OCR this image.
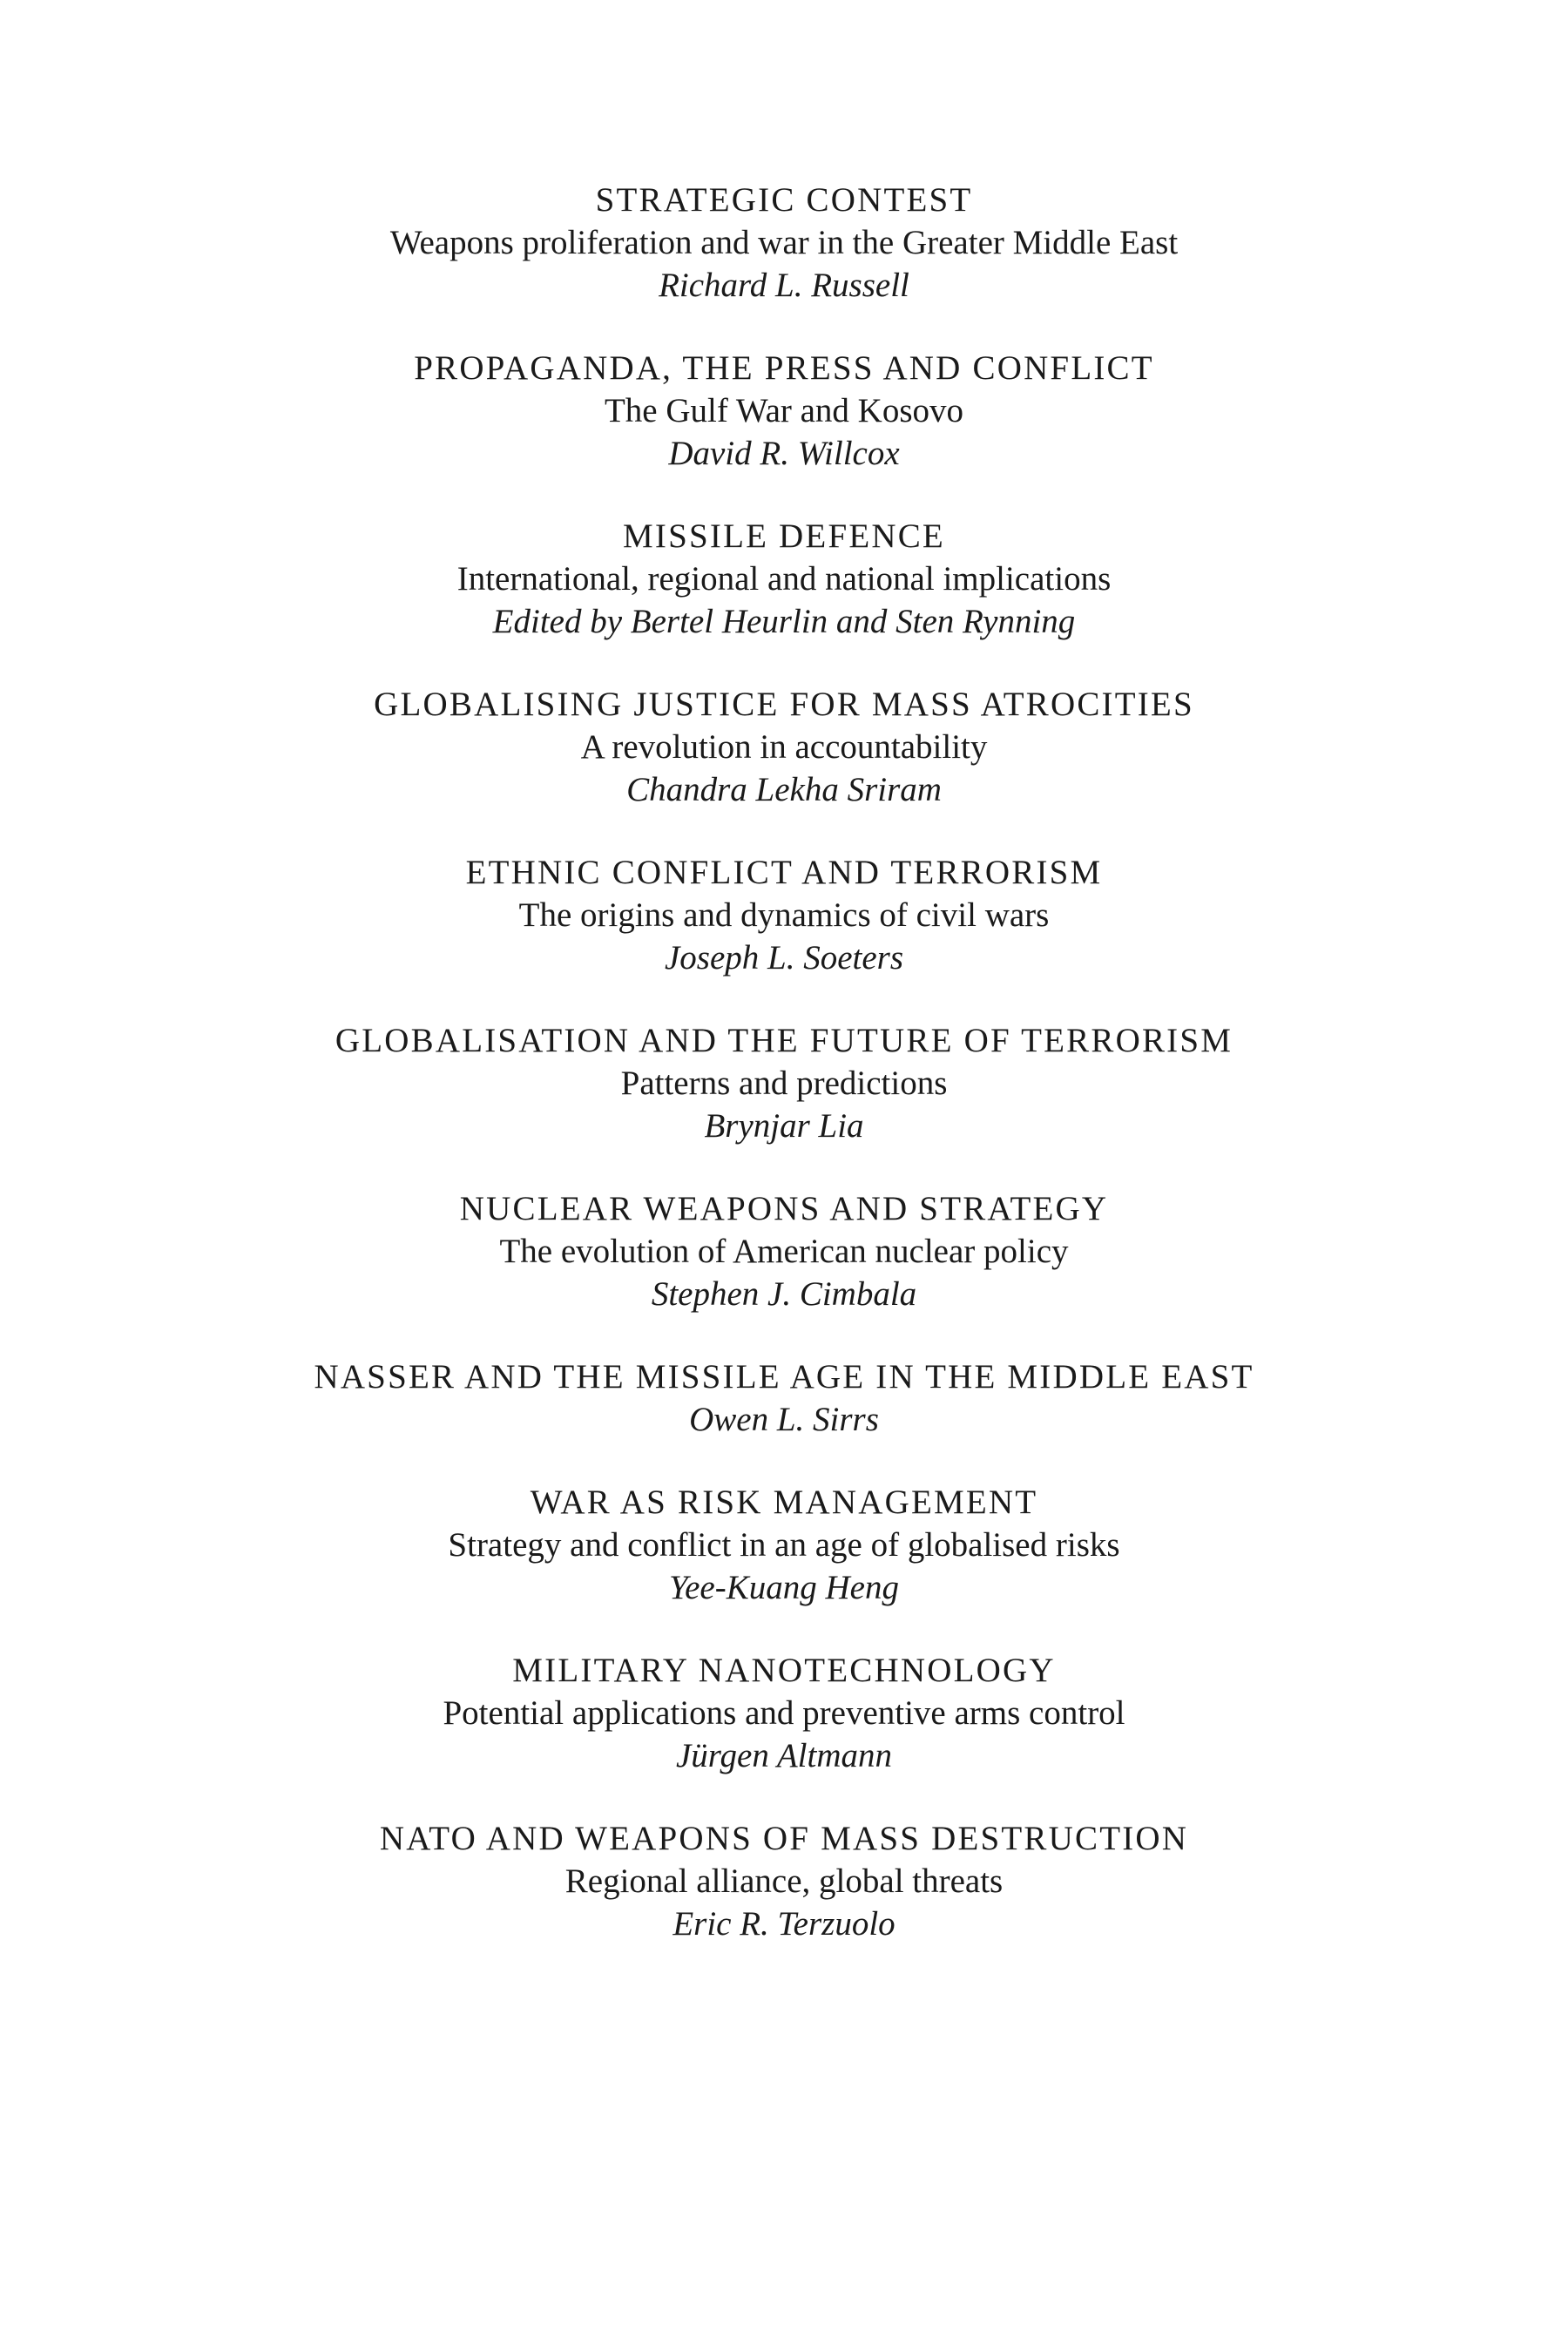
STRATEGIC CONTEST
Weapons proliferation and war in the Greater Middle East
Richard L. Russell
PROPAGANDA, THE PRESS AND CONFLICT
The Gulf War and Kosovo
David R. Willcox
MISSILE DEFENCE
International, regional and national implications
Edited by Bertel Heurlin and Sten Rynning
GLOBALISING JUSTICE FOR MASS ATROCITIES
A revolution in accountability
Chandra Lekha Sriram
ETHNIC CONFLICT AND TERRORISM
The origins and dynamics of civil wars
Joseph L. Soeters
GLOBALISATION AND THE FUTURE OF TERRORISM
Patterns and predictions
Brynjar Lia
NUCLEAR WEAPONS AND STRATEGY
The evolution of American nuclear policy
Stephen J. Cimbala
NASSER AND THE MISSILE AGE IN THE MIDDLE EAST
Owen L. Sirrs
WAR AS RISK MANAGEMENT
Strategy and conflict in an age of globalised risks
Yee-Kuang Heng
MILITARY NANOTECHNOLOGY
Potential applications and preventive arms control
Jürgen Altmann
NATO AND WEAPONS OF MASS DESTRUCTION
Regional alliance, global threats
Eric R. Terzuolo
